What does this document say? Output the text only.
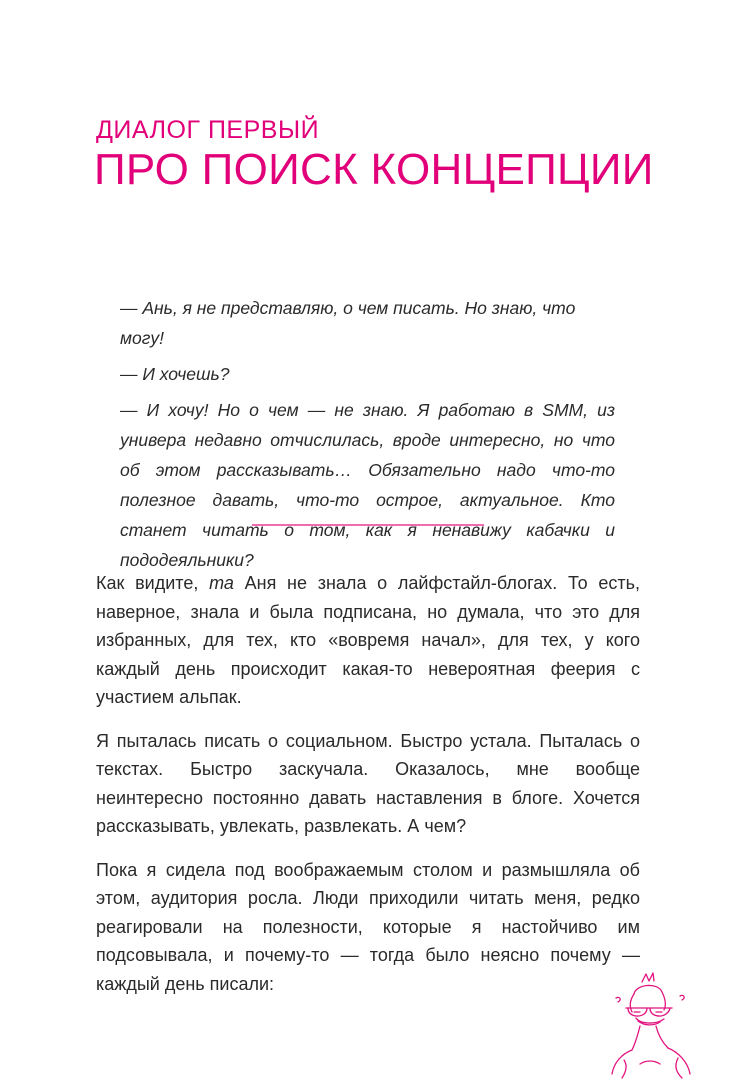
ДИАЛОГ ПЕРВЫЙ
ПРО ПОИСК КОНЦЕПЦИИ

— Ань, я не представляю, о чем писать. Но знаю, что могу!

— И хочешь?

— И хочу! Но о чем — не знаю. Я работаю в SMM, из универа недавно отчислилась, вроде интересно, но что об этом рассказывать… Обязательно надо что-то полезное давать, что-то острое, актуальное. Кто станет читать о том, как я ненавижу кабачки и пододеяльники?

Как видите, та Аня не знала о лайфстайл-блогах. То есть, наверное, знала и была подписана, но думала, что это для избранных, для тех, кто «вовремя начал», для тех, у кого каждый день происходит какая-то невероятная феерия с участием альпак.

Я пыталась писать о социальном. Быстро устала. Пыталась о текстах. Быстро заскучала. Оказалось, мне вообще неинтересно постоянно давать наставления в блоге. Хочется рассказывать, увлекать, развлекать. А чем?

Пока я сидела под воображаемым столом и размышляла об этом, аудитория росла. Люди приходили читать меня, редко реагировали на полезности, которые я настойчиво им подсовывала, и почему-то — тогда было неясно почему — каждый день писали:
